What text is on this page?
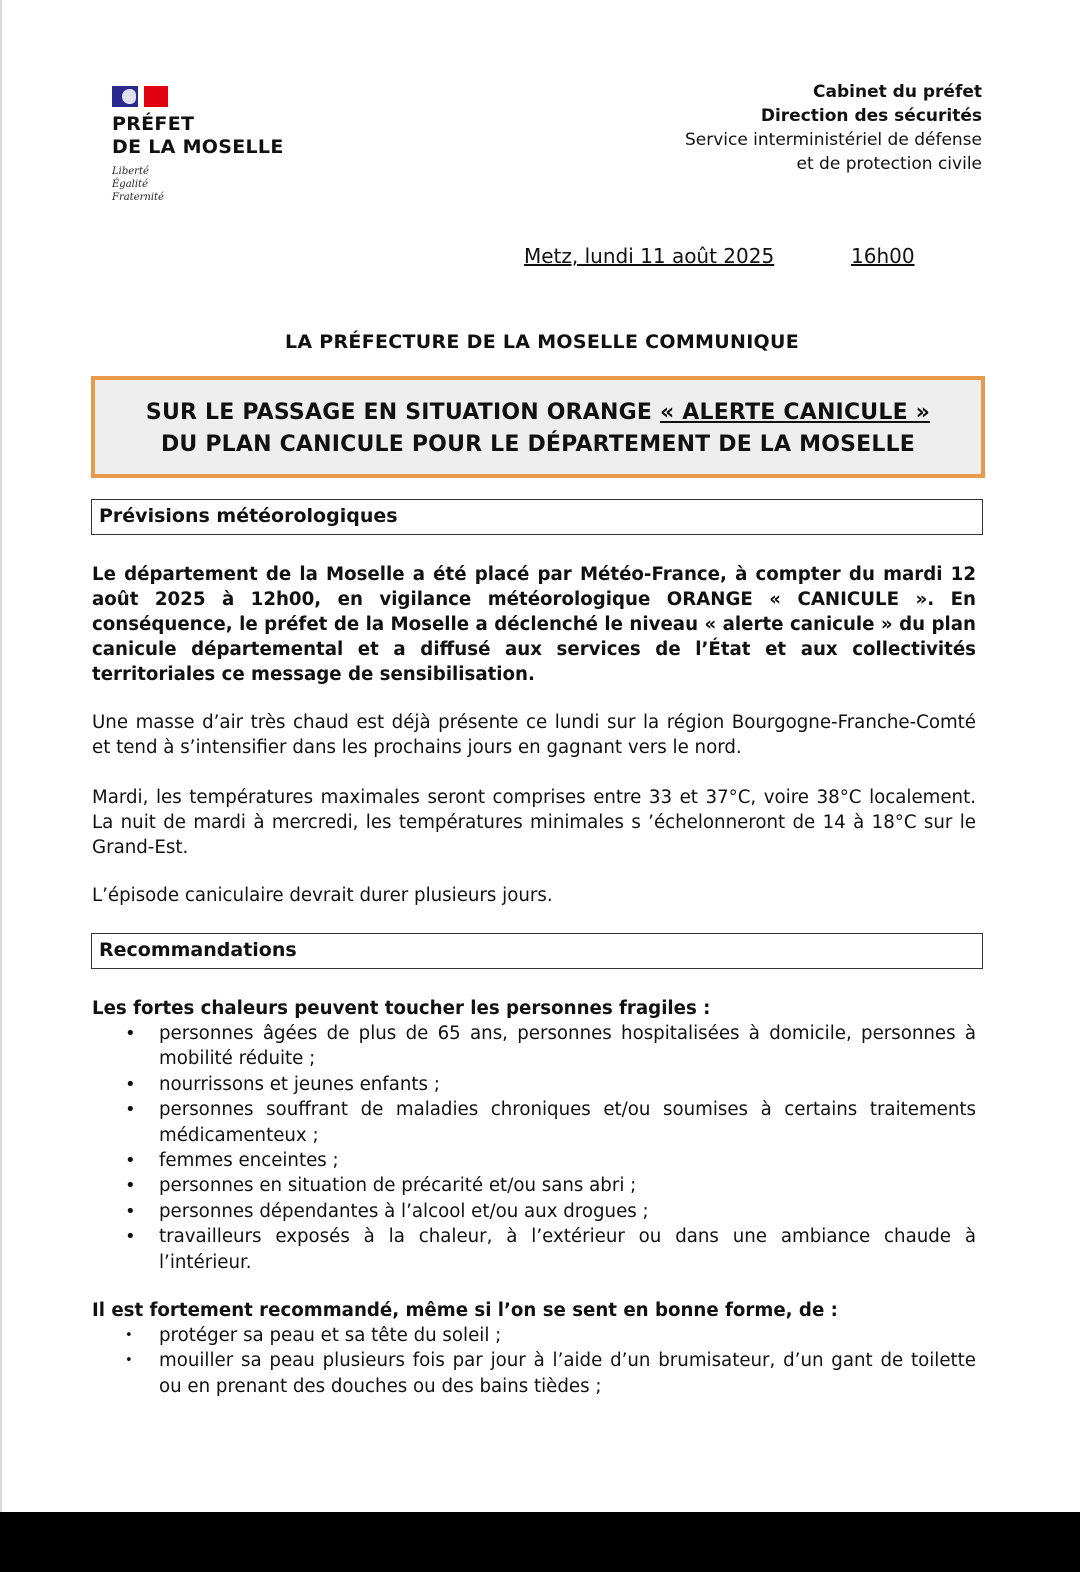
PRÉFET
DE LA MOSELLE
Liberté
Égalité
Fraternité
Cabinet du préfet
Direction des sécurités
Service interministériel de défense
et de protection civile
Metz, lundi 11 août 2025	16h00
LA PRÉFECTURE DE LA MOSELLE COMMUNIQUE
SUR LE PASSAGE EN SITUATION ORANGE « ALERTE CANICULE »
DU PLAN CANICULE POUR LE DÉPARTEMENT DE LA MOSELLE
Prévisions météorologiques
Le département de la Moselle a été placé par Météo-France, à compter du mardi 12 août 2025 à 12h00, en vigilance météorologique ORANGE « CANICULE ». En conséquence, le préfet de la Moselle a déclenché le niveau « alerte canicule » du plan canicule départemental et a diffusé aux services de l’État et aux collectivités territoriales ce message de sensibilisation.
Une masse d’air très chaud est déjà présente ce lundi sur la région Bourgogne-Franche-Comté et tend à s’intensifier dans les prochains jours en gagnant vers le nord.
Mardi, les températures maximales seront comprises entre 33 et 37°C, voire 38°C localement. La nuit de mardi à mercredi, les températures minimales s ’échelonneront de 14 à 18°C sur le Grand-Est.
L’épisode caniculaire devrait durer plusieurs jours.
Recommandations
Les fortes chaleurs peuvent toucher les personnes fragiles :
• personnes âgées de plus de 65 ans, personnes hospitalisées à domicile, personnes à mobilité réduite ;
• nourrissons et jeunes enfants ;
• personnes souffrant de maladies chroniques et/ou soumises à certains traitements médicamenteux ;
• femmes enceintes ;
• personnes en situation de précarité et/ou sans abri ;
• personnes dépendantes à l’alcool et/ou aux drogues ;
• travailleurs exposés à la chaleur, à l’extérieur ou dans une ambiance chaude à l’intérieur.
Il est fortement recommandé, même si l’on se sent en bonne forme, de :
• protéger sa peau et sa tête du soleil ;
• mouiller sa peau plusieurs fois par jour à l’aide d’un brumisateur, d’un gant de toilette ou en prenant des douches ou des bains tièdes ;
